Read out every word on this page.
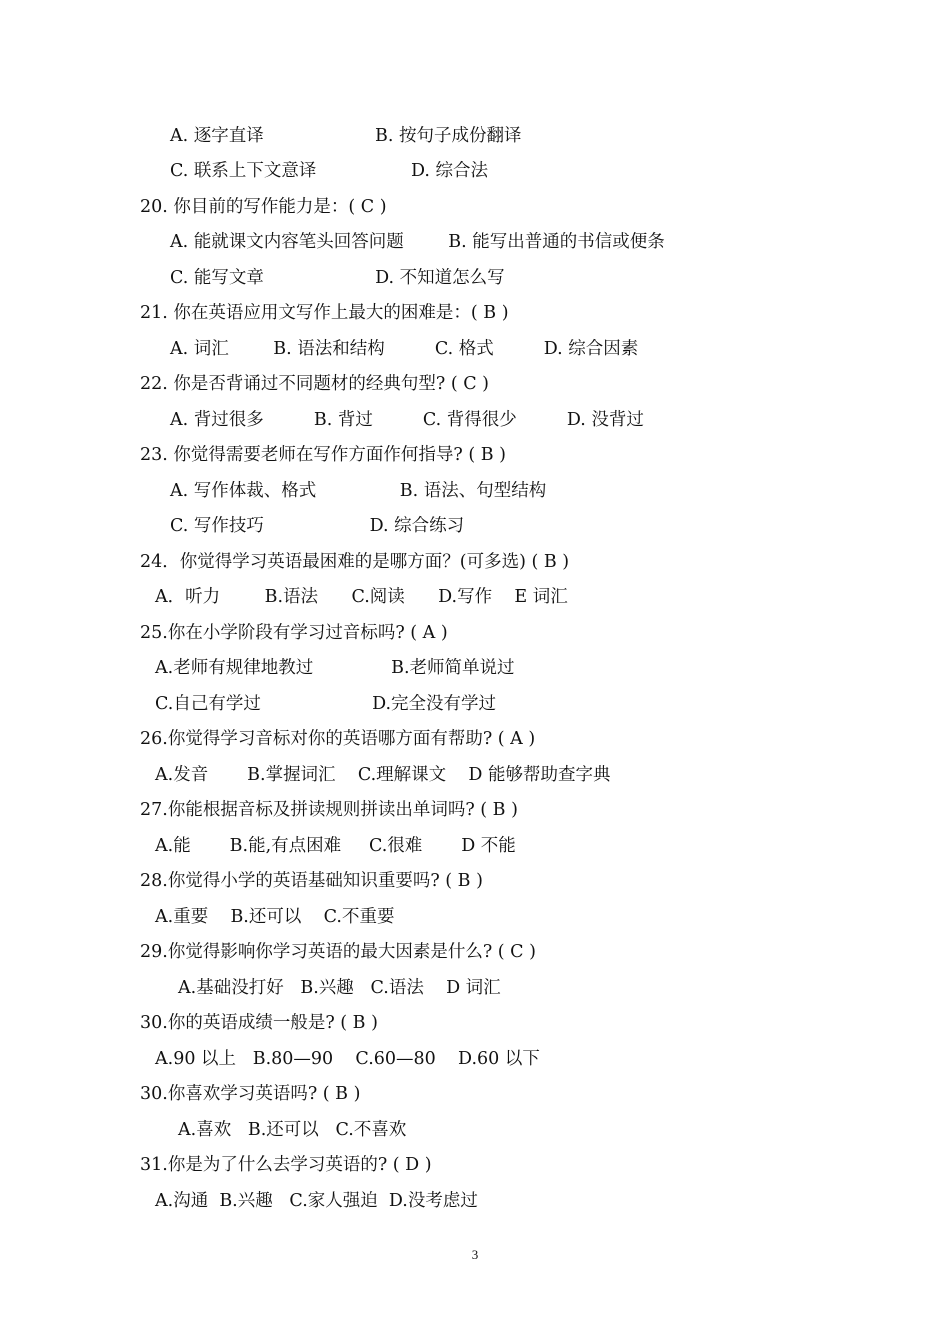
A. 逐字直译                    B. 按句子成份翻译
C. 联系上下文意译                 D. 综合法
20. 你目前的写作能力是：( C )
A. 能就课文内容笔头回答问题        B. 能写出普通的书信或便条
C. 能写文章                    D. 不知道怎么写
21. 你在英语应用文写作上最大的困难是：( B )
A. 词汇        B. 语法和结构         C. 格式         D. 综合因素
22. 你是否背诵过不同题材的经典句型? ( C )
A. 背过很多         B. 背过         C. 背得很少         D. 没背过
23. 你觉得需要老师在写作方面作何指导? ( B )
A. 写作体裁、格式               B. 语法、句型结构
C. 写作技巧                   D. 综合练习
24．你觉得学习英语最困难的是哪方面？(可多选) ( B )
A．听力        B.语法      C.阅读      D.写作    E 词汇
25.你在小学阶段有学习过音标吗? ( A )
A.老师有规律地教过              B.老师简单说过
C.自己有学过                    D.完全没有学过
26.你觉得学习音标对你的英语哪方面有帮助? ( A )
A.发音       B.掌握词汇    C.理解课文    D 能够帮助查字典
27.你能根据音标及拼读规则拼读出单词吗? ( B )
A.能       B.能,有点困难     C.很难       D 不能
28.你觉得小学的英语基础知识重要吗? ( B )
A.重要    B.还可以    C.不重要
29.你觉得影响你学习英语的最大因素是什么? ( C )
A.基础没打好   B.兴趣   C.语法    D 词汇
30.你的英语成绩一般是? ( B )
A.90 以上   B.80—90    C.60—80    D.60 以下
30.你喜欢学习英语吗? ( B )
A.喜欢   B.还可以   C.不喜欢
31.你是为了什么去学习英语的? ( D )
A.沟通  B.兴趣   C.家人强迫  D.没考虑过
3
